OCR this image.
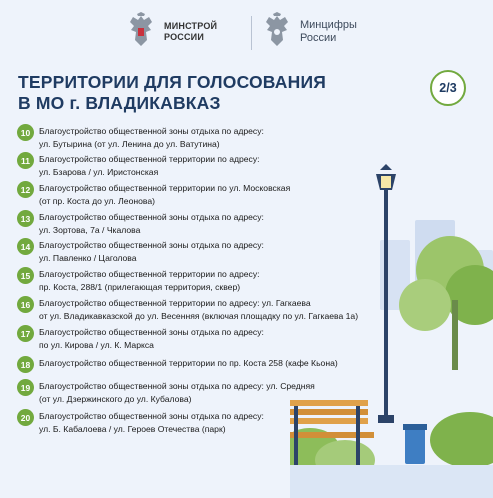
МИНСТРОЙ
РОССИИ
Минцифры
России
ТЕРРИТОРИИ ДЛЯ ГОЛОСОВАНИЯ
В МО г. ВЛАДИКАВКАЗ
2/3
10	Благоустройство общественной зоны отдыха по адресу:
ул. Бутырина (от ул. Ленина до ул. Ватутина)
11	Благоустройство общественной территории по адресу:
ул. Бзарова / ул. Иристонская
12	Благоустройство общественной территории по ул. Московская
(от пр. Коста до ул. Леонова)
13	Благоустройство общественной зоны отдыха по адресу:
ул. Зортова, 7а / Чкалова
14	Благоустройство общественной зоны отдыха по адресу:
ул. Павленко / Цаголова
15	Благоустройство общественной территории по адресу:
пр. Коста, 288/1 (прилегающая территория, сквер)
16	Благоустройство общественной территории по адресу: ул. Гагкаева
от ул. Владикавказской до ул. Весенняя (включая площадку по ул. Гагкаева 1а)
17	Благоустройство общественной зоны отдыха по адресу:
по ул. Кирова / ул. К. Маркса
18	Благоустройство общественной территории по пр. Коста 258 (кафе Кьона)
19	Благоустройство общественной зоны отдыха по адресу: ул. Средняя
(от ул. Дзержинского до ул. Кубалова)
20	Благоустройство общественной зоны отдыха по адресу:
ул. Б. Кабалоева / ул. Героев Отечества (парк)
